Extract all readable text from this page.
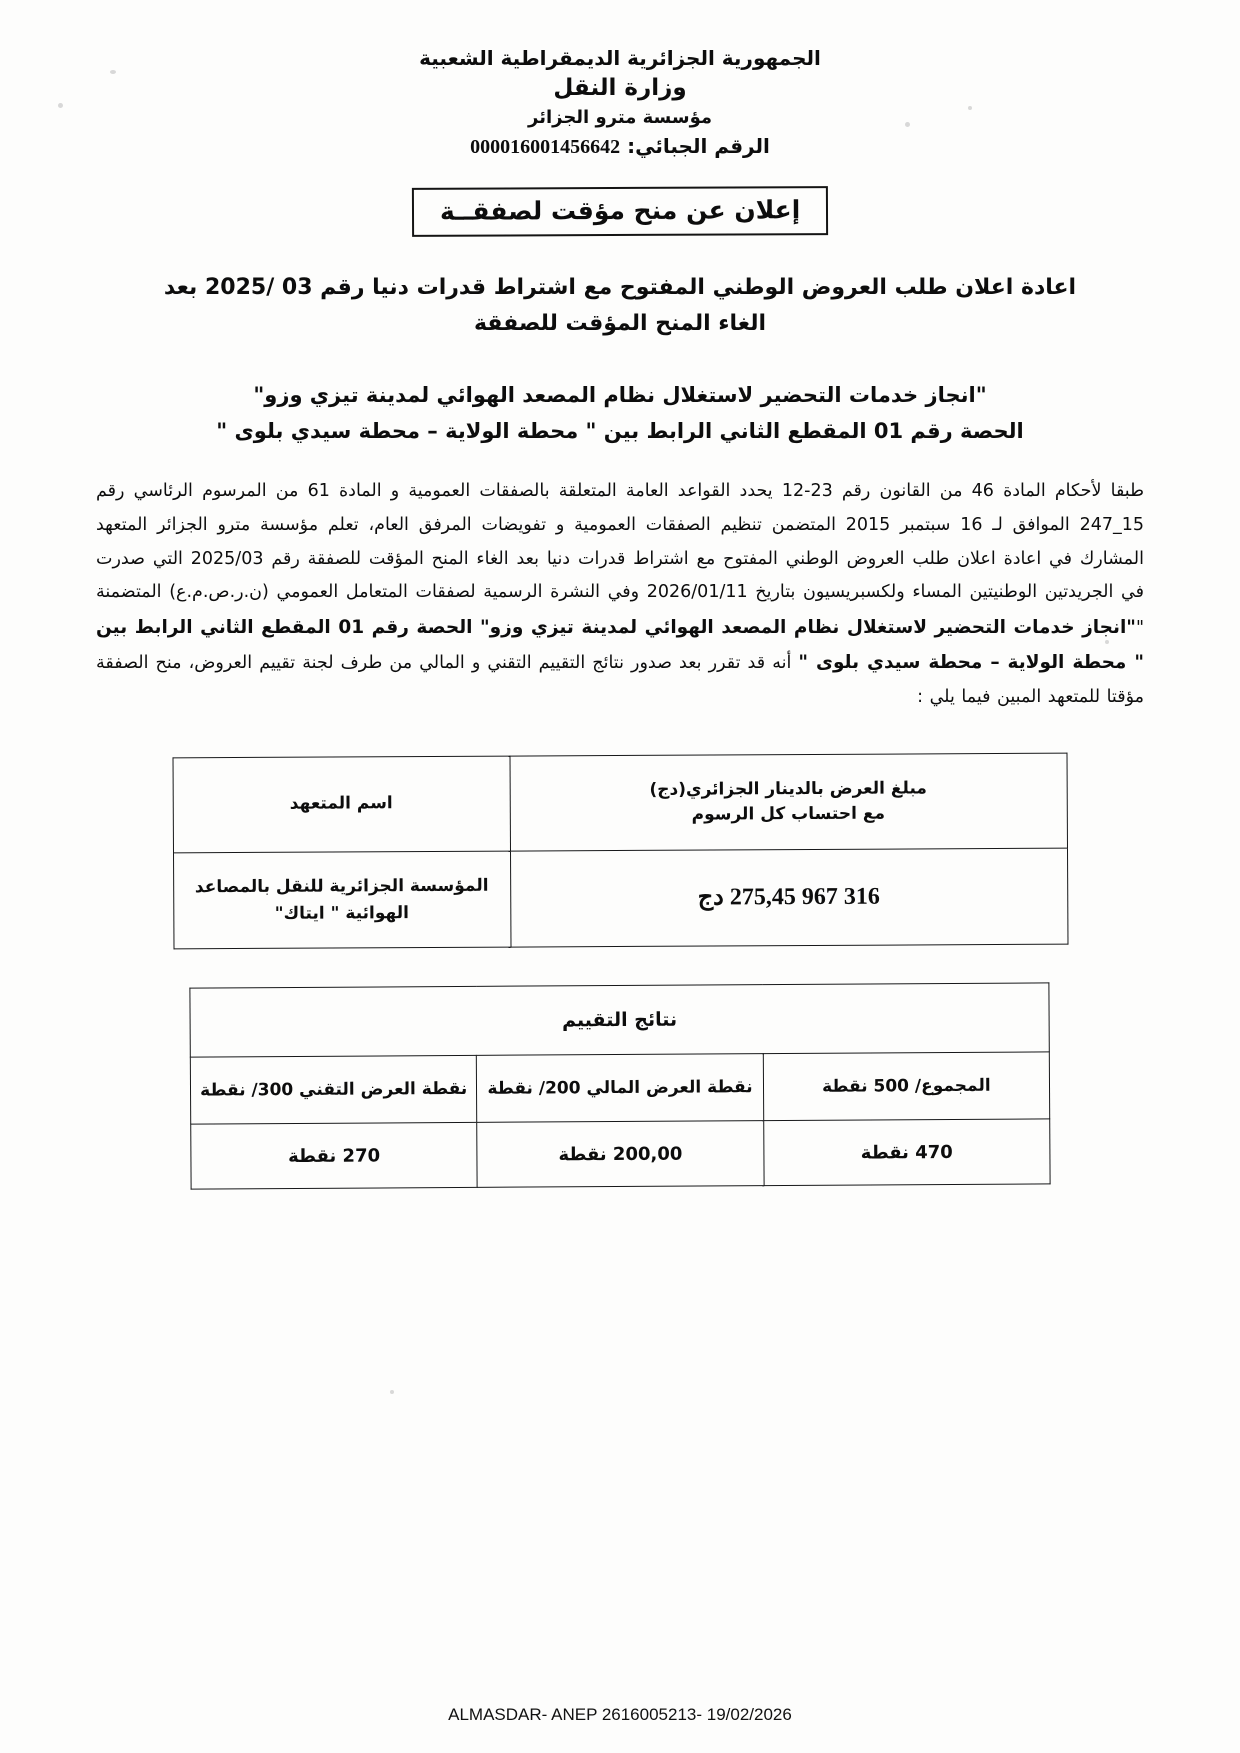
الجمهورية الجزائرية الديمقراطية الشعبية
وزارة النقل
مؤسسة مترو الجزائر
الرقم الجبائي: 000016001456642
إعلان عن منح مؤقت لصفقــة
اعادة اعلان طلب العروض الوطني المفتوح مع اشتراط قدرات دنيا رقم 03 /2025 بعد
الغاء المنح المؤقت للصفقة
"انجاز خدمات التحضير لاستغلال نظام المصعد الهوائي لمدينة تيزي وزو"
الحصة رقم 01 المقطع الثاني الرابط بين " محطة الولاية – محطة سيدي بلوى "
طبقا لأحكام المادة 46 من القانون رقم 23-12 يحدد القواعد العامة المتعلقة بالصفقات العمومية و المادة 61 من المرسوم الرئاسي رقم 15_247 الموافق لـ 16 سبتمبر 2015 المتضمن تنظيم الصفقات العمومية و تفويضات المرفق العام، تعلم مؤسسة مترو الجزائر المتعهد المشارك في اعادة اعلان طلب العروض الوطني المفتوح مع اشتراط قدرات دنيا بعد الغاء المنح المؤقت للصفقة رقم 2025/03 التي صدرت في الجريدتين الوطنيتين المساء ولكسبريسيون بتاريخ 2026/01/11 وفي النشرة الرسمية لصفقات المتعامل العمومي (ن.ر.ص.م.ع) المتضمنة ""انجاز خدمات التحضير لاستغلال نظام المصعد الهوائي لمدينة تيزي وزو" الحصة رقم 01 المقطع الثاني الرابط بين " محطة الولاية – محطة سيدي بلوى " أنه قد تقرر بعد صدور نتائج التقييم التقني و المالي من طرف لجنة تقييم العروض، منح الصفقة مؤقتا للمتعهد المبين فيما يلي :
مبلغ العرض بالدينار الجزائري(دج)
مع احتساب كل الرسوم	اسم المتعهد
316 967 275,45 دج	المؤسسة الجزائرية للنقل بالمصاعد
الهوائية " ايتاك"
نتائج التقييم		
المجموع/ 500 نقطة	نقطة العرض المالي 200/ نقطة	نقطة العرض التقني 300/ نقطة
470 نقطة	200,00 نقطة	270 نقطة
ALMASDAR- ANEP 2616005213- 19/02/2026
